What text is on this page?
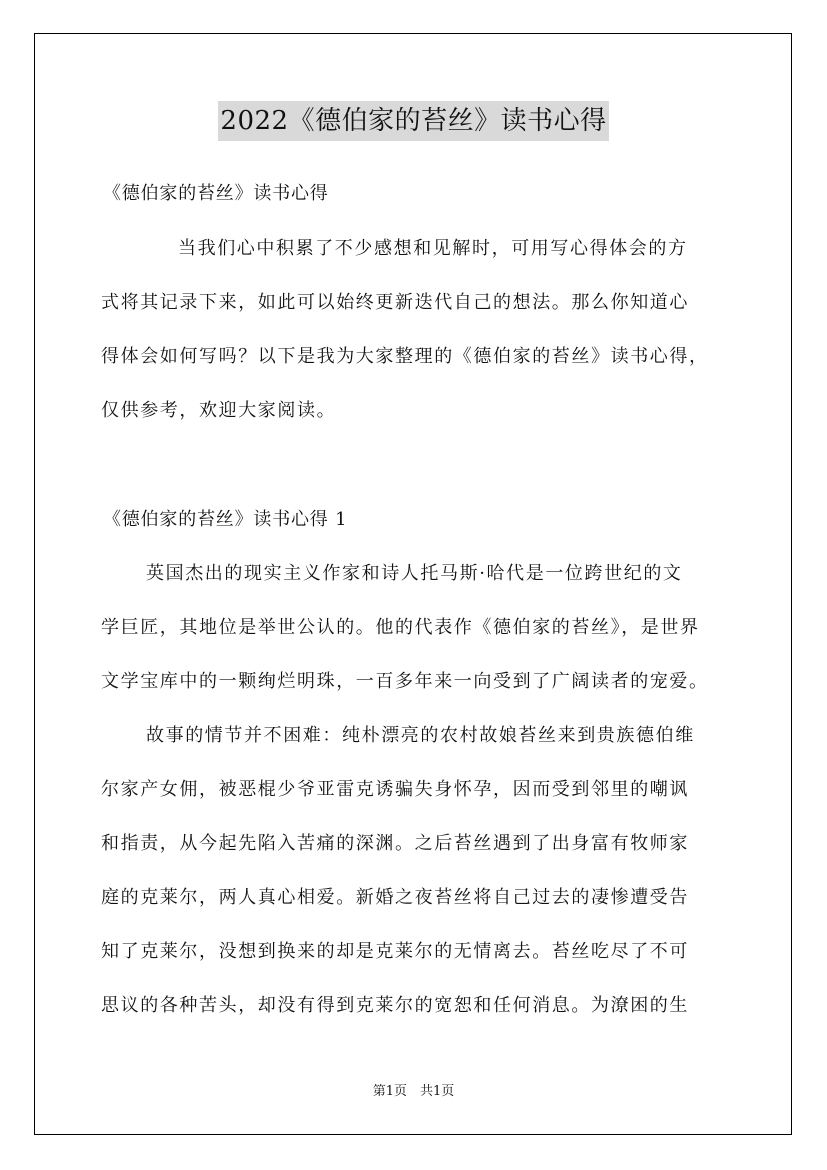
2022《德伯家的苔丝》读书心得
《德伯家的苔丝》读书心得
当我们心中积累了不少感想和见解时，可用写心得体会的方
式将其记录下来，如此可以始终更新迭代自己的想法。那么你知道心
得体会如何写吗？以下是我为大家整理的《德伯家的苔丝》读书心得，
仅供参考，欢迎大家阅读。
《德伯家的苔丝》读书心得 1
英国杰出的现实主义作家和诗人托马斯·哈代是一位跨世纪的文
学巨匠，其地位是举世公认的。他的代表作《德伯家的苔丝》，是世界
文学宝库中的一颗绚烂明珠，一百多年来一向受到了广阔读者的宠爱。
故事的情节并不困难：纯朴漂亮的农村故娘苔丝来到贵族德伯维
尔家产女佣，被恶棍少爷亚雷克诱骗失身怀孕，因而受到邻里的嘲讽
和指责，从今起先陷入苦痛的深渊。之后苔丝遇到了出身富有牧师家
庭的克莱尔，两人真心相爱。新婚之夜苔丝将自己过去的凄惨遭受告
知了克莱尔，没想到换来的却是克莱尔的无情离去。苔丝吃尽了不可
思议的各种苦头，却没有得到克莱尔的宽恕和任何消息。为潦困的生
第1页　共1页
